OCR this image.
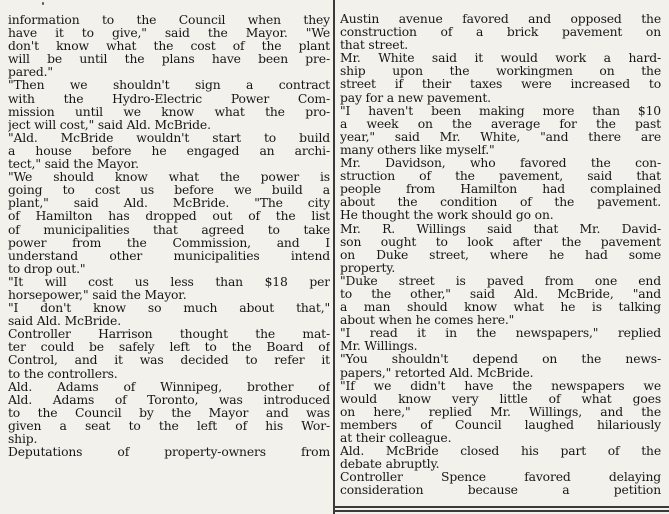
information to the Council when they
have it to give," said the Mayor. "We
don't know what the cost of the plant
will be until the plans have been pre-
pared."
"Then we shouldn't sign a contract
with the Hydro-Electric Power Com-
mission until we know what the pro-
ject will cost," said Ald. McBride.
"Ald. McBride wouldn't start to build
a house before he engaged an archi-
tect," said the Mayor.
"We should know what the power is
going to cost us before we build a
plant," said Ald. McBride. "The city
of Hamilton has dropped out of the list
of municipalities that agreed to take
power from the Commission, and I
understand other municipalities intend
to drop out."
"It will cost us less than $18 per
horsepower," said the Mayor.
"I don't know so much about that,"
said Ald. McBride.
Controller Harrison thought the mat-
ter could be safely left to the Board of
Control, and it was decided to refer it
to the controllers.
Ald. Adams of Winnipeg, brother of
Ald. Adams of Toronto, was introduced
to the Council by the Mayor and was
given a seat to the left of his Wor-
ship.
Deputations of property-owners from
Austin avenue favored and opposed the
construction of a brick pavement on
that street.
Mr. White said it would work a hard-
ship upon the workingmen on the
street if their taxes were increased to
pay for a new pavement.
"I haven't been making more than $10
a week on the average for the past
year," said Mr. White, "and there are
many others like myself."
Mr. Davidson, who favored the con-
struction of the pavement, said that
people from Hamilton had complained
about the condition of the pavement.
He thought the work should go on.
Mr. R. Willings said that Mr. David-
son ought to look after the pavement
on Duke street, where he had some
property.
"Duke street is paved from one end
to the other," said Ald. McBride, "and
a man should know what he is talking
about when he comes here."
"I read it in the newspapers," replied
Mr. Willings.
"You shouldn't depend on the news-
papers," retorted Ald. McBride.
"If we didn't have the newspapers we
would know very little of what goes
on here," replied Mr. Willings, and the
members of Council laughed hilariously
at their colleague.
Ald. McBride closed his part of the
debate abruptly.
Controller Spence favored delaying
consideration because a petition
